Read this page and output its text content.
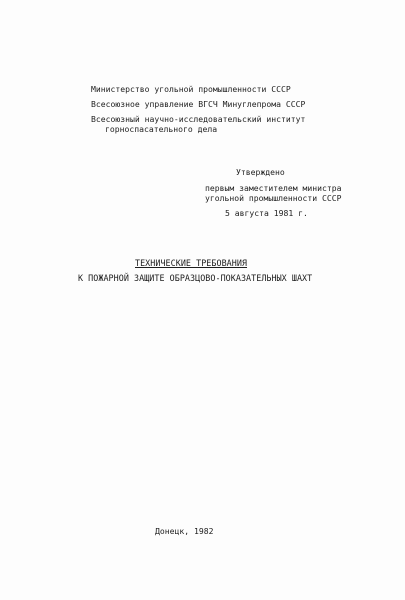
Министерство угольной промышленности СССР
Всесоюзное управление ВГСЧ Минуглепрома СССР
Всесоюзный научно-исследовательский институт
горноспасательного дела
Утверждено
первым заместителем министра
угольной промышленности СССР
5 августа 1981 г.
ТЕХНИЧЕСКИЕ ТРЕБОВАНИЯ
К ПОЖАРНОЙ ЗАЩИТЕ ОБРАЗЦОВО-ПОКАЗАТЕЛЬНЫХ ШАХТ
Донецк, 1982
